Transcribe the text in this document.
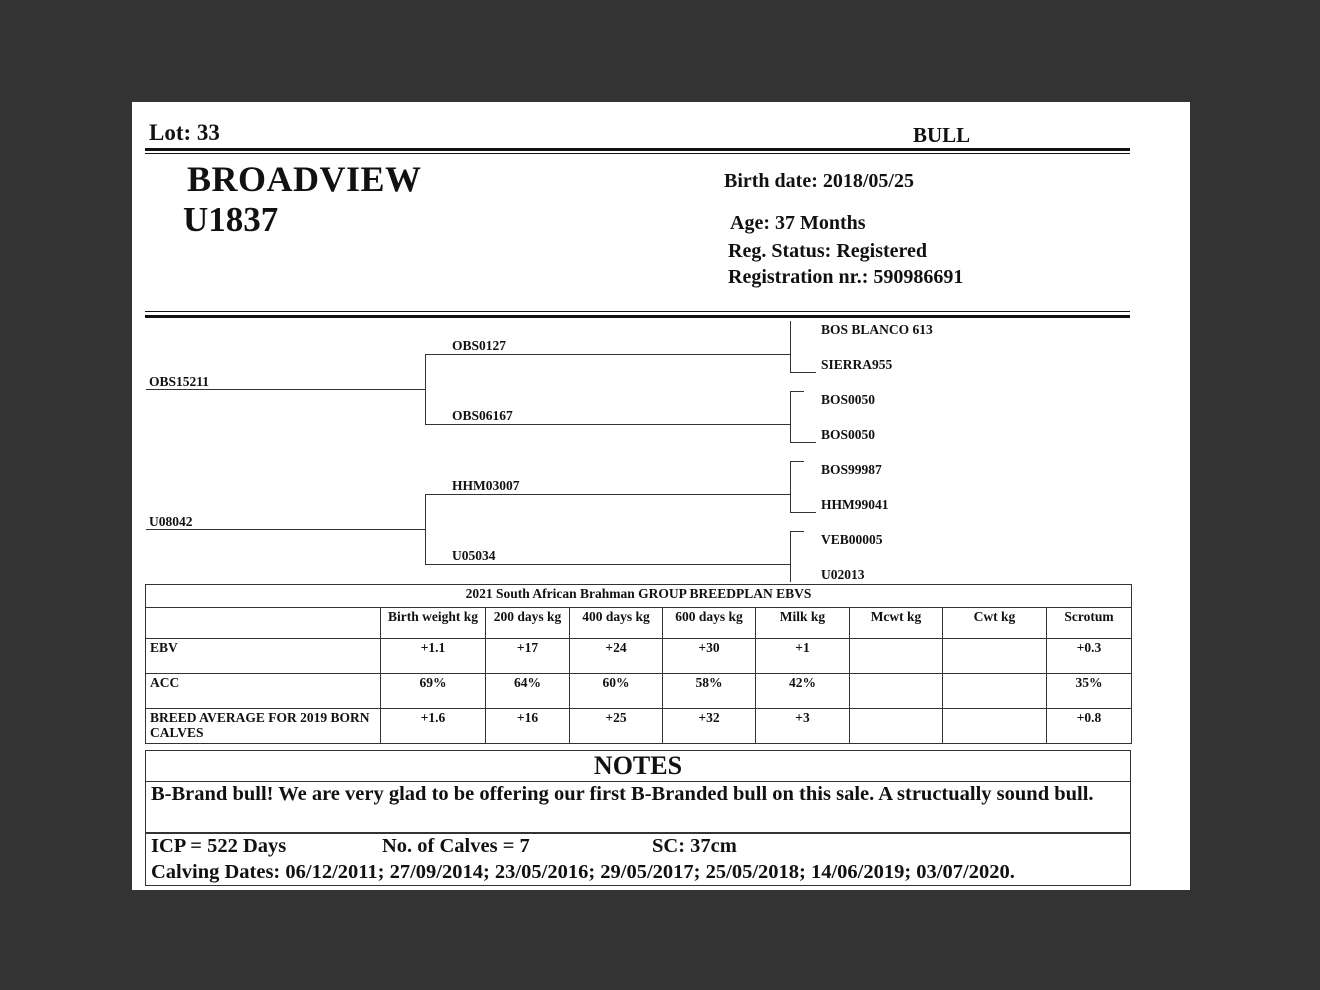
Lot: 33	BULL
BROADVIEW
U1837
Birth date: 2018/05/25
Age: 37 Months
Reg. Status: Registered
Registration nr.: 590986691
OBS15211
U08042
OBS0127
OBS06167
HHM03007
U05034
BOS BLANCO 613
SIERRA955
BOS0050
BOS0050
BOS99987
HHM99041
VEB00005
U02013
2021 South African Brahman GROUP BREEDPLAN EBVS								
	Birth weight kg	200 days kg	400 days kg	600 days kg	Milk kg	Mcwt kg	Cwt kg	Scrotum
EBV	+1.1	+17	+24	+30	+1			+0.3
ACC	69%	64%	60%	58%	42%			35%
BREED AVERAGE FOR 2019 BORN CALVES	+1.6	+16	+25	+32	+3			+0.8
NOTES
B-Brand bull! We are very glad to be offering our first B-Branded bull on this sale. A structually sound bull.
ICP = 522 Days	No. of Calves = 7	SC: 37cm
Calving Dates: 06/12/2011; 27/09/2014; 23/05/2016; 29/05/2017; 25/05/2018; 14/06/2019; 03/07/2020.
